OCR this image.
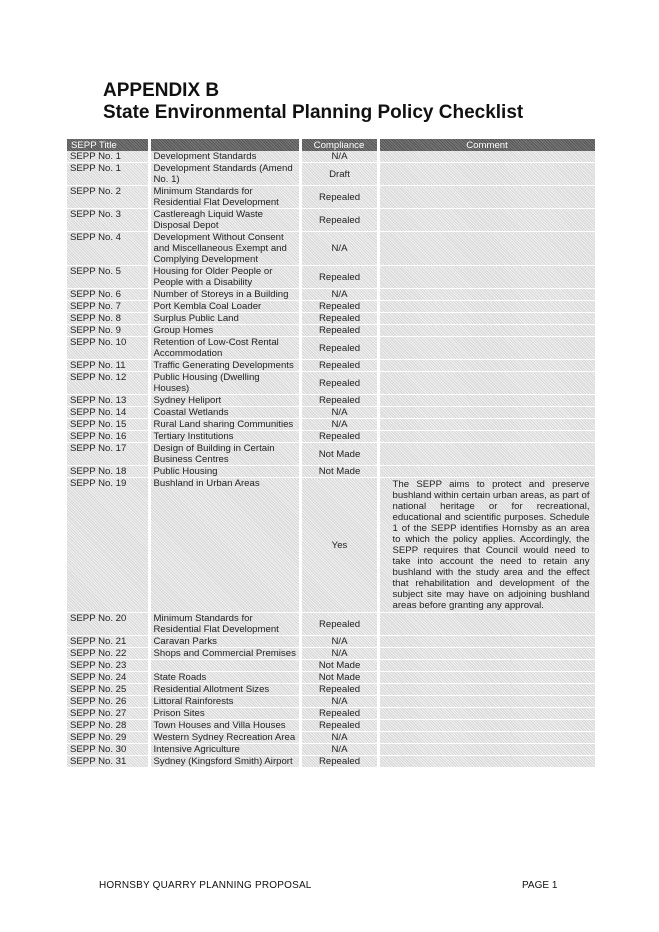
APPENDIX B
State Environmental Planning Policy Checklist
SEPP Title		Compliance	Comment
SEPP No. 1	Development Standards	N/A	
SEPP No. 1	Development Standards (Amend No. 1)	Draft	
SEPP No. 2	Minimum Standards for Residential Flat Development	Repealed	
SEPP No. 3	Castlereagh Liquid Waste Disposal Depot	Repealed	
SEPP No. 4	Development Without Consent and Miscellaneous Exempt and Complying Development	N/A	
SEPP No. 5	Housing for Older People or People with a Disability	Repealed	
SEPP No. 6	Number of Storeys in a Building	N/A	
SEPP No. 7	Port Kembla Coal Loader	Repealed	
SEPP No. 8	Surplus Public Land	Repealed	
SEPP No. 9	Group Homes	Repealed	
SEPP No. 10	Retention of Low-Cost Rental Accommodation	Repealed	
SEPP No. 11	Traffic Generating Developments	Repealed	
SEPP No. 12	Public Housing (Dwelling Houses)	Repealed	
SEPP No. 13	Sydney Heliport	Repealed	
SEPP No. 14	Coastal Wetlands	N/A	
SEPP No. 15	Rural Land sharing Communities	N/A	
SEPP No. 16	Tertiary Institutions	Repealed	
SEPP No. 17	Design of Building in Certain Business Centres	Not Made	
SEPP No. 18	Public Housing	Not Made	
SEPP No. 19	Bushland in Urban Areas	Yes	The SEPP aims to protect and preserve bushland within certain urban areas, as part of national heritage or for recreational, educational and scientific purposes. Schedule 1 of the SEPP identifies Hornsby as an area to which the policy applies. Accordingly, the SEPP requires that Council would need to take into account the need to retain any bushland with the study area and the effect that rehabilitation and development of the subject site may have on adjoining bushland areas before granting any approval.
SEPP No. 20	Minimum Standards for Residential Flat Development	Repealed	
SEPP No. 21	Caravan Parks	N/A	
SEPP No. 22	Shops and Commercial Premises	N/A	
SEPP No. 23		Not Made	
SEPP No. 24	State Roads	Not Made	
SEPP No. 25	Residential Allotment Sizes	Repealed	
SEPP No. 26	Littoral Rainforests	N/A	
SEPP No. 27	Prison Sites	Repealed	
SEPP No. 28	Town Houses and Villa Houses	Repealed	
SEPP No. 29	Western Sydney Recreation Area	N/A	
SEPP No. 30	Intensive Agriculture	N/A	
SEPP No. 31	Sydney (Kingsford Smith) Airport	Repealed	
HORNSBY QUARRY PLANNING PROPOSAL	PAGE 1
